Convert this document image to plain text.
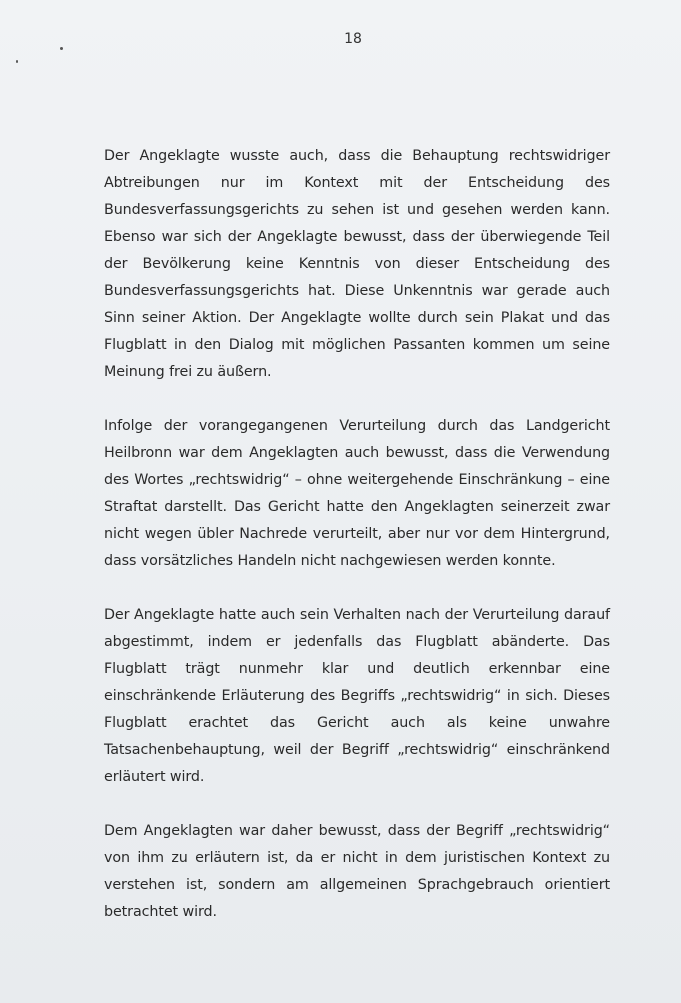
18

Der Angeklagte wusste auch, dass die Behauptung rechtswidriger Abtreibungen nur im Kontext mit der Entscheidung des Bundesverfassungsgerichts zu sehen ist und gesehen werden kann. Ebenso war sich der Angeklagte bewusst, dass der überwiegende Teil der Bevölkerung keine Kenntnis von dieser Entscheidung des Bundesverfassungsgerichts hat. Diese Unkenntnis war gerade auch Sinn seiner Aktion. Der Angeklagte wollte durch sein Plakat und das Flugblatt in den Dialog mit möglichen Passanten kommen um seine Meinung frei zu äußern.

Infolge der vorangegangenen Verurteilung durch das Landgericht Heilbronn war dem Angeklagten auch bewusst, dass die Verwendung des Wortes „rechtswidrig“ – ohne weitergehende Einschränkung – eine Straftat darstellt. Das Gericht hatte den Angeklagten seinerzeit zwar nicht wegen übler Nachrede verurteilt, aber nur vor dem Hintergrund, dass vorsätzliches Handeln nicht nachgewiesen werden konnte.

Der Angeklagte hatte auch sein Verhalten nach der Verurteilung darauf abgestimmt, indem er jedenfalls das Flugblatt abänderte. Das Flugblatt trägt nunmehr klar und deutlich erkennbar eine einschränkende Erläuterung des Begriffs „rechtswidrig“ in sich. Dieses Flugblatt erachtet das Gericht auch als keine unwahre Tatsachenbehauptung, weil der Begriff „rechtswidrig“ einschränkend erläutert wird.

Dem Angeklagten war daher bewusst, dass der Begriff „rechtswidrig“ von ihm zu erläutern ist, da er nicht in dem juristischen Kontext zu verstehen ist, sondern am allgemeinen Sprachgebrauch orientiert betrachtet wird.
